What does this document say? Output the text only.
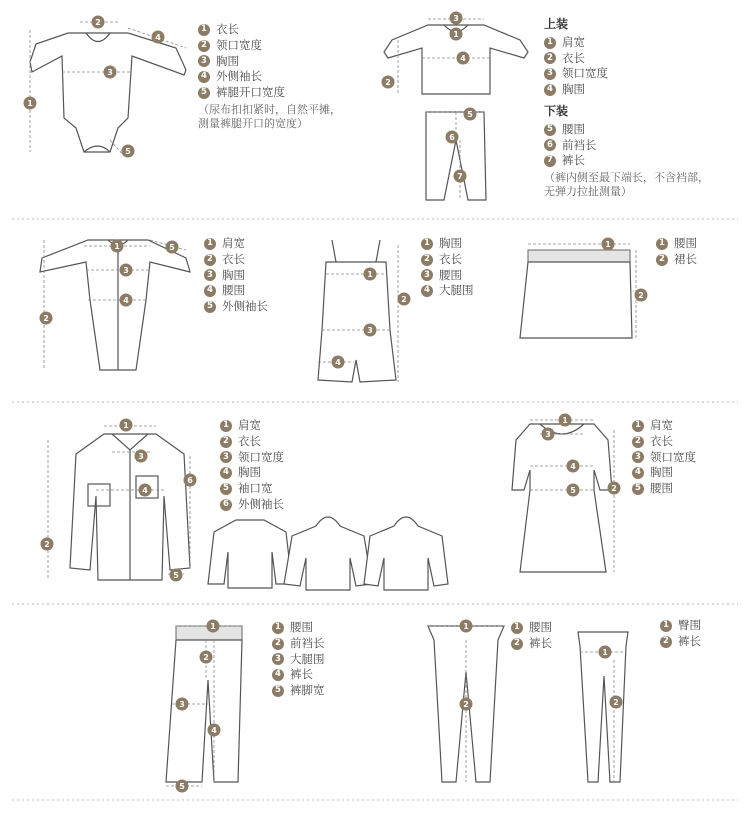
1
2
3
4
5
3
1
2
4
5
6
7
1
2
3
4
5
1
2
3
4
1
2
1
2
3
4
5
6
1
2
3
4
5
1
2
3
4
5
1
2
1
2
1 衣长
2 领口宽度
3 胸围
4 外侧袖长
5 裤腿开口宽度
（尿布扣扣紧时，自然平摊，
测量裤腿开口的宽度）
上装
1 肩宽
2 衣长
3 领口宽度
4 胸围
下装
5 腰围
6 前裆长
7 裤长
（裤内侧至最下端长，不含裆部，
无弹力拉扯测量）
1 肩宽
2 衣长
3 胸围
4 腰围
5 外侧袖长
1 胸围
2 衣长
3 腰围
4 大腿围
1 腰围
2 裙长
1 肩宽
2 衣长
3 领口宽度
4 胸围
5 袖口宽
6 外侧袖长
1 肩宽
2 衣长
3 领口宽度
4 胸围
5 腰围
1 腰围
2 前裆长
3 大腿围
4 裤长
5 裤脚宽
1 腰围
2 裤长
1 臀围
2 裤长
